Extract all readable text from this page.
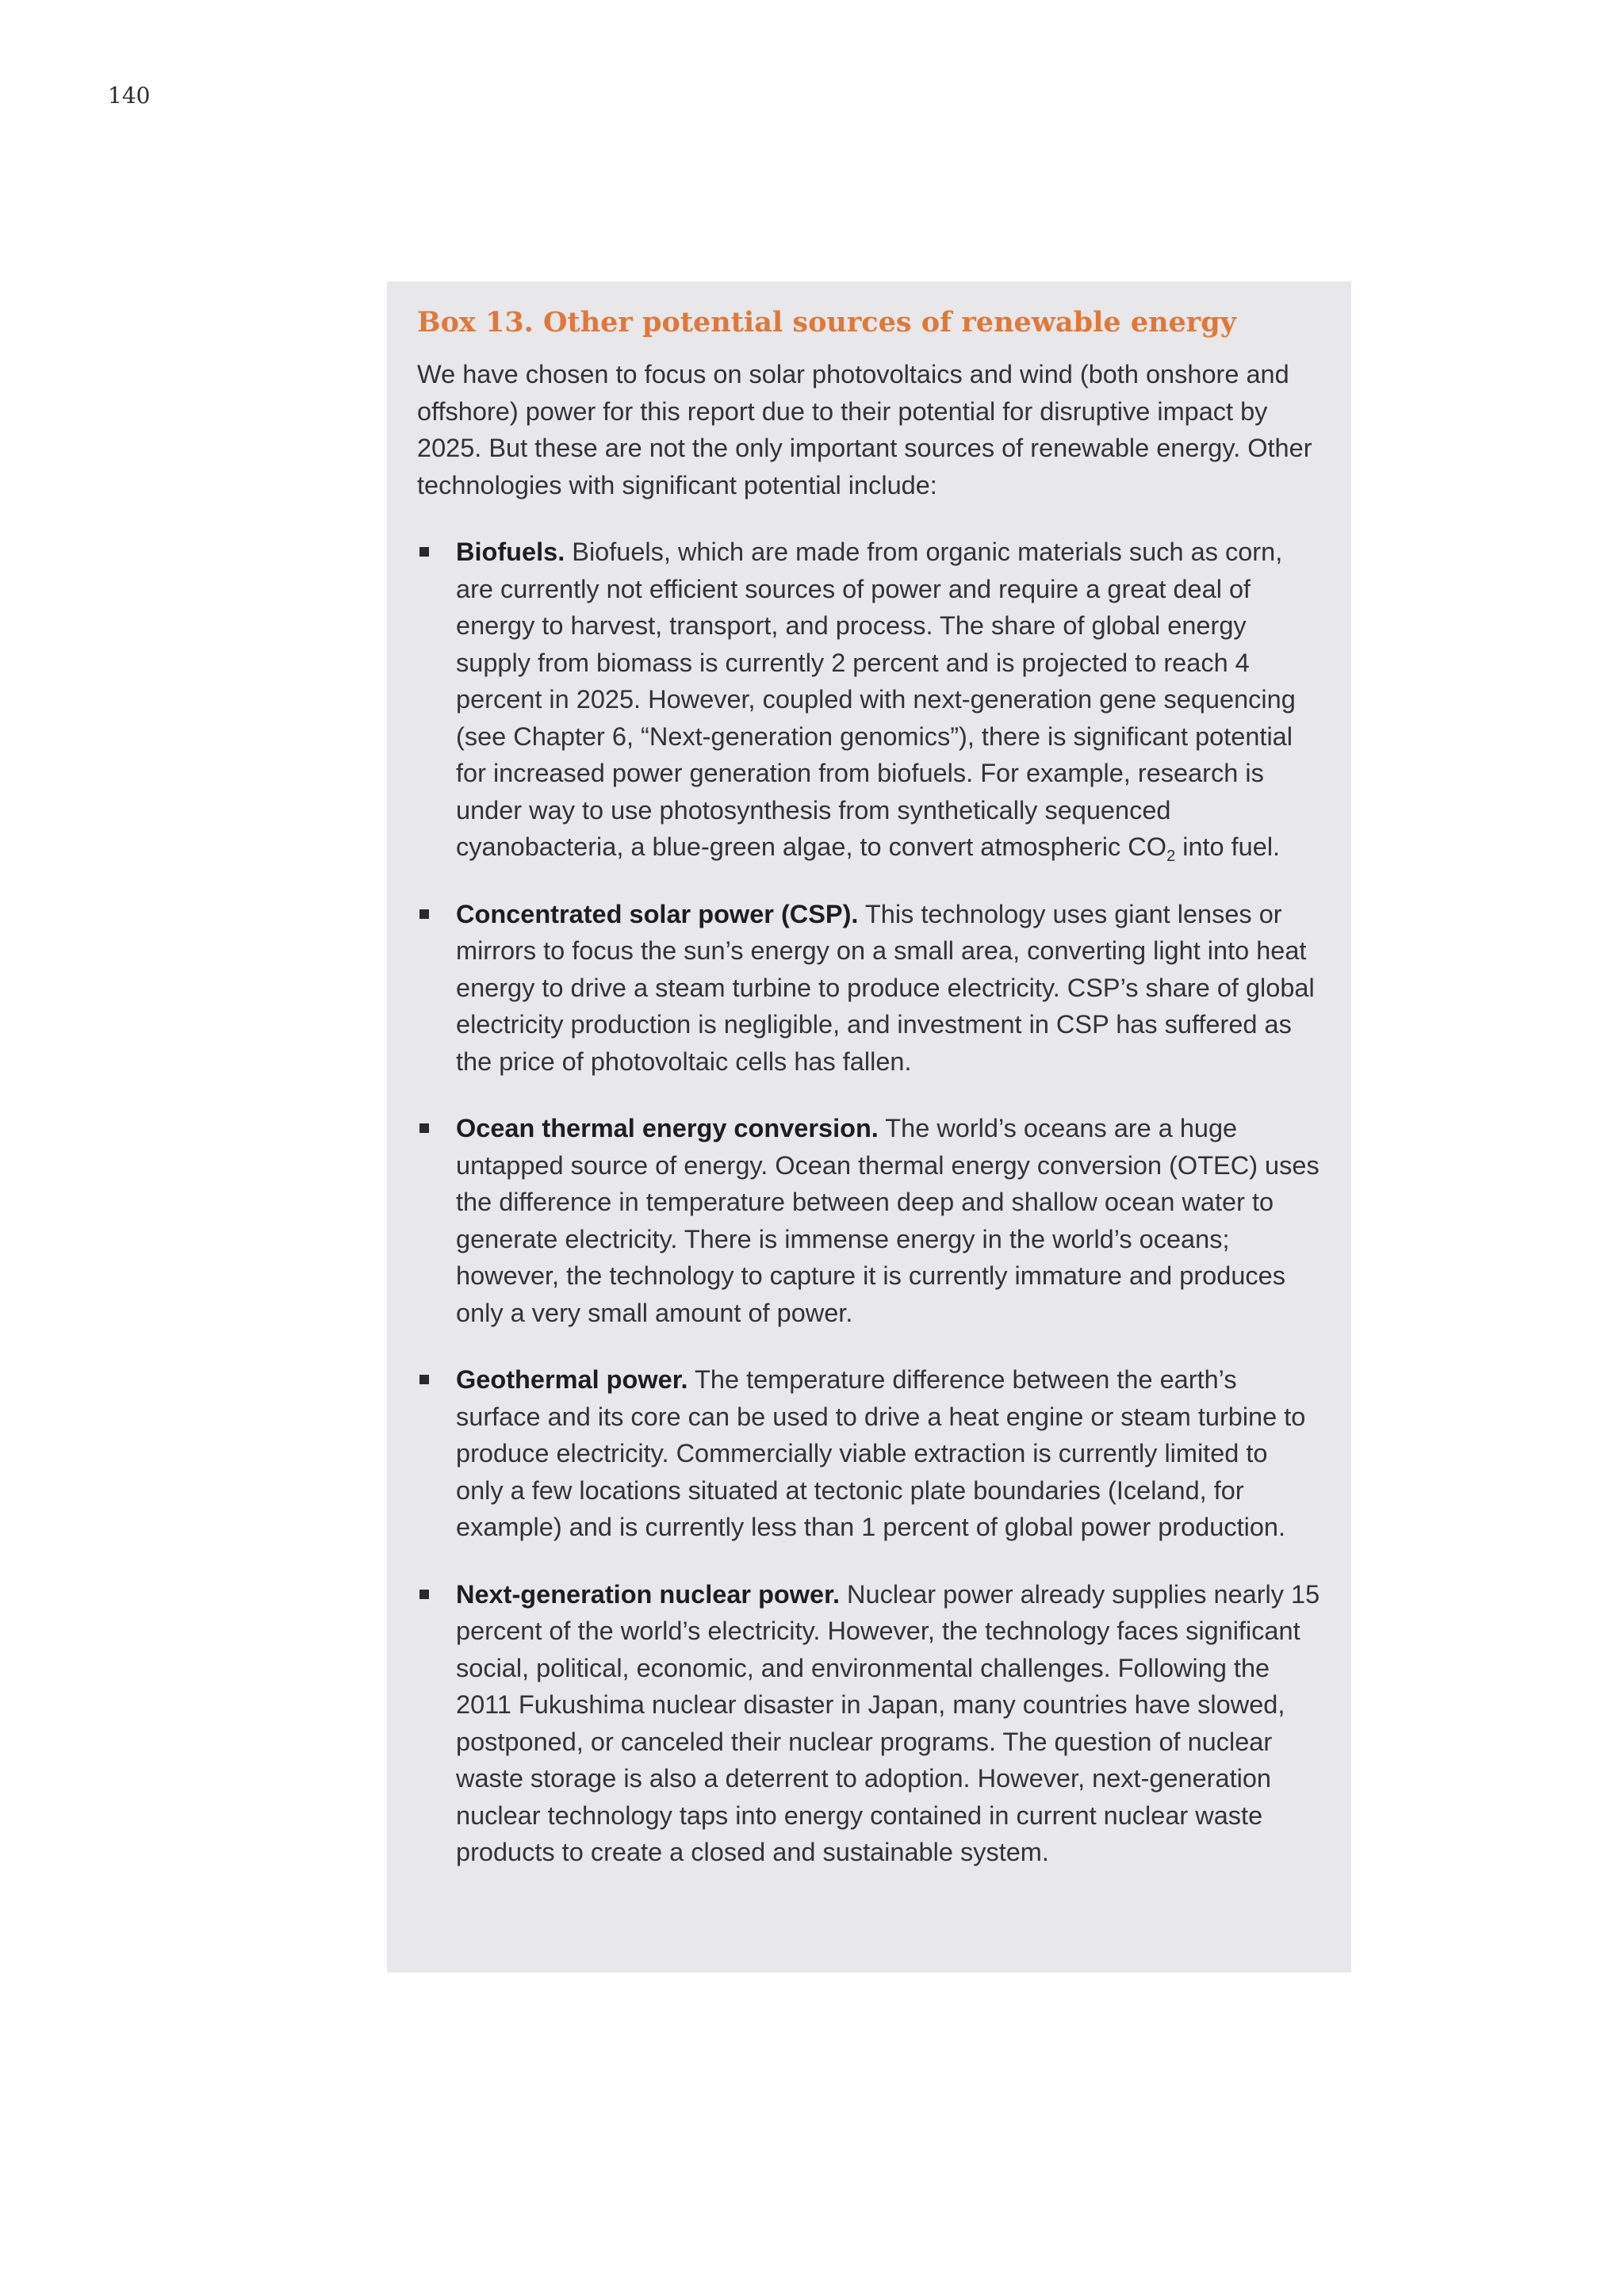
140
Box 13. Other potential sources of renewable energy

We have chosen to focus on solar photovoltaics and wind (both onshore and offshore) power for this report due to their potential for disruptive impact by 2025. But these are not the only important sources of renewable energy. Other technologies with significant potential include:

Biofuels. Biofuels, which are made from organic materials such as corn, are currently not efficient sources of power and require a great deal of energy to harvest, transport, and process. The share of global energy supply from biomass is currently 2 percent and is projected to reach 4 percent in 2025. However, coupled with next-generation gene sequencing (see Chapter 6, “Next-generation genomics”), there is significant potential for increased power generation from biofuels. For example, research is under way to use photosynthesis from synthetically sequenced cyanobacteria, a blue-green algae, to convert atmospheric $CO_2$ into fuel.
Concentrated solar power (CSP). This technology uses giant lenses or mirrors to focus the sun’s energy on a small area, converting light into heat energy to drive a steam turbine to produce electricity. CSP’s share of global electricity production is negligible, and investment in CSP has suffered as the price of photovoltaic cells has fallen.
Ocean thermal energy conversion. The world’s oceans are a huge untapped source of energy. Ocean thermal energy conversion (OTEC) uses the difference in temperature between deep and shallow ocean water to generate electricity. There is immense energy in the world’s oceans; however, the technology to capture it is currently immature and produces only a very small amount of power.
Geothermal power. The temperature difference between the earth’s surface and its core can be used to drive a heat engine or steam turbine to produce electricity. Commercially viable extraction is currently limited to only a few locations situated at tectonic plate boundaries (Iceland, for example) and is currently less than 1 percent of global power production.
Next-generation nuclear power. Nuclear power already supplies nearly 15 percent of the world’s electricity. However, the technology faces significant social, political, economic, and environmental challenges. Following the 2011 Fukushima nuclear disaster in Japan, many countries have slowed, postponed, or canceled their nuclear programs. The question of nuclear waste storage is also a deterrent to adoption. However, next-generation nuclear technology taps into energy contained in current nuclear waste products to create a closed and sustainable system.
